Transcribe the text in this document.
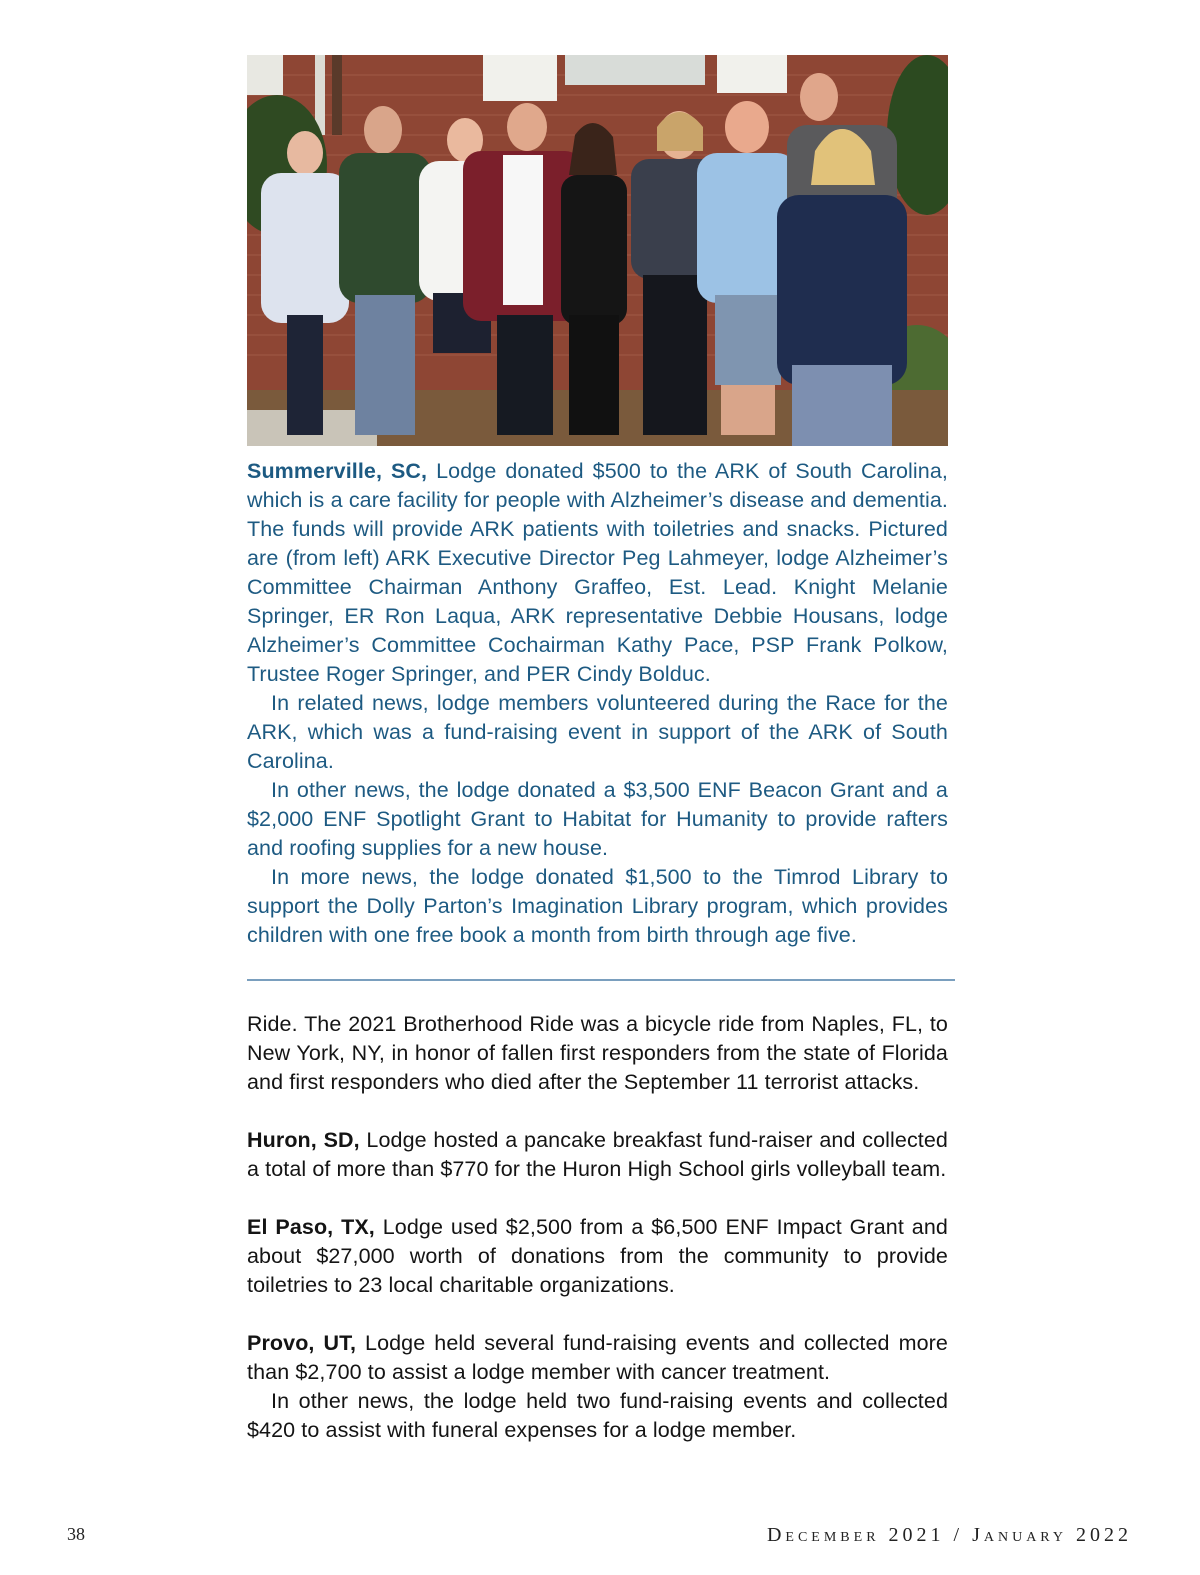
Summerville, SC, Lodge donated $500 to the ARK of South Carolina, which is a care facility for people with Alzheimer’s disease and dementia. The funds will provide ARK patients with toiletries and snacks. Pictured are (from left) ARK Executive Director Peg Lahmeyer, lodge Alzheimer’s Committee Chairman Anthony Graffeo, Est. Lead. Knight Melanie Springer, ER Ron Laqua, ARK representative Debbie Housans, lodge Alzheimer’s Committee Cochairman Kathy Pace, PSP Frank Polkow, Trustee Roger Springer, and PER Cindy Bolduc.

In related news, lodge members volunteered during the Race for the ARK, which was a fund-raising event in support of the ARK of South Carolina.

In other news, the lodge donated a $3,500 ENF Beacon Grant and a $2,000 ENF Spotlight Grant to Habitat for Humanity to provide rafters and roofing supplies for a new house.

In more news, the lodge donated $1,500 to the Timrod Library to support the Dolly Parton’s Imagination Library program, which provides children with one free book a month from birth through age five.

Ride. The 2021 Brotherhood Ride was a bicycle ride from Naples, FL, to New York, NY, in honor of fallen first responders from the state of Florida and first responders who died after the September 11 terrorist attacks.

Huron, SD, Lodge hosted a pancake breakfast fund-raiser and collected a total of more than $770 for the Huron High School girls volleyball team.

El Paso, TX, Lodge used $2,500 from a $6,500 ENF Impact Grant and about $27,000 worth of donations from the community to provide toiletries to 23 local charitable organizations.

Provo, UT, Lodge held several fund-raising events and collected more than $2,700 to assist a lodge member with cancer treatment.

In other news, the lodge held two fund-raising events and collected $420 to assist with funeral expenses for a lodge member.

38	December 2021 / January 2022
